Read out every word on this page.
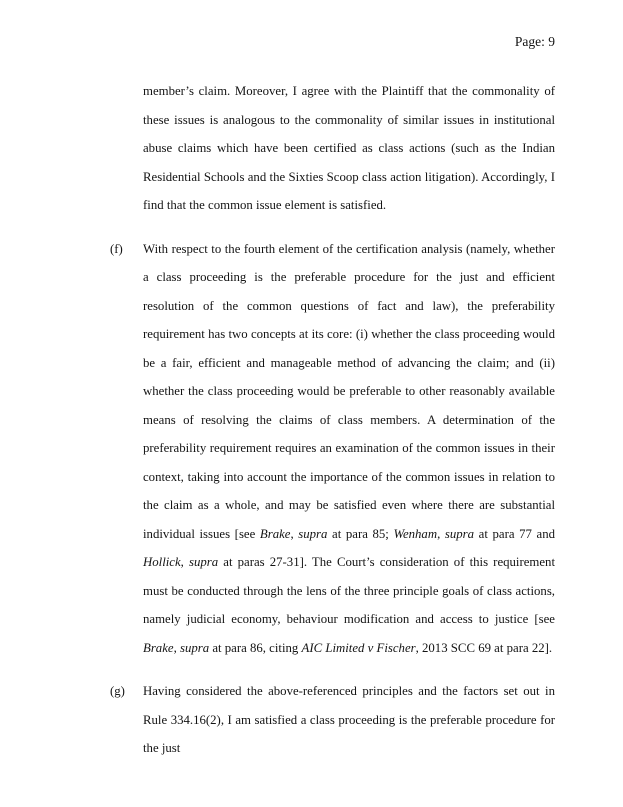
Page: 9
member’s claim. Moreover, I agree with the Plaintiff that the commonality of these issues is analogous to the commonality of similar issues in institutional abuse claims which have been certified as class actions (such as the Indian Residential Schools and the Sixties Scoop class action litigation). Accordingly, I find that the common issue element is satisfied.
(f)	With respect to the fourth element of the certification analysis (namely, whether a class proceeding is the preferable procedure for the just and efficient resolution of the common questions of fact and law), the preferability requirement has two concepts at its core: (i) whether the class proceeding would be a fair, efficient and manageable method of advancing the claim; and (ii) whether the class proceeding would be preferable to other reasonably available means of resolving the claims of class members. A determination of the preferability requirement requires an examination of the common issues in their context, taking into account the importance of the common issues in relation to the claim as a whole, and may be satisfied even where there are substantial individual issues [see Brake, supra at para 85; Wenham, supra at para 77 and Hollick, supra at paras 27-31]. The Court’s consideration of this requirement must be conducted through the lens of the three principle goals of class actions, namely judicial economy, behaviour modification and access to justice [see Brake, supra at para 86, citing AIC Limited v Fischer, 2013 SCC 69 at para 22].
(g)	Having considered the above-referenced principles and the factors set out in Rule 334.16(2), I am satisfied a class proceeding is the preferable procedure for the just
